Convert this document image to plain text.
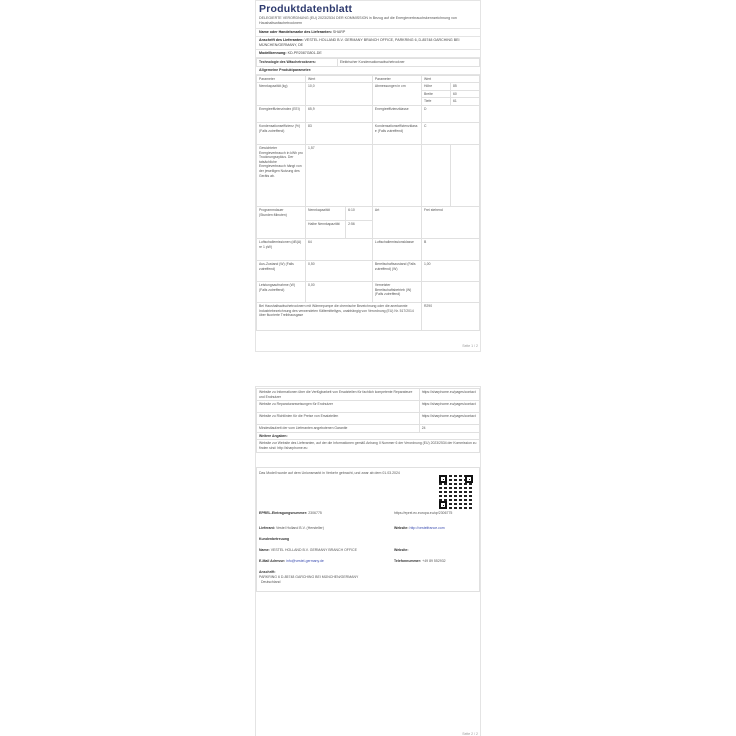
Produktdatenblatt
DELEGIERTE VERORDNUNG (EU) 2023/2534 DER KOMMISSION in Bezug auf die Energieverbrauchskennzeichnung von Haushaltswäschetrocknern
Name oder Handelsmarke des Lieferanten: SHARP
Anschrift des Lieferanten: VESTEL HOLLAND B.V. GERMANY BRANCH OFFICE, PARKRING 6, D-85748 GARCHING BEI MÜNCHEN/GERMANY, DE
Modellkennung: KD-PR2087G801-DE
Technologie des Wäschetrockners:	Elektrischer Kondensationswäschetrockner
Allgemeine Produktparameter:
Parameter	Wert		Parameter	Wert	
Nennkapazität (kg)	10,0		Abmessungen in cm	Höhe	85
				Breite	60
				Tiefe	61
Energieeffizienzindex (EEI)	65,9		Energieeffizienzklasse	D	
Kondensationseffizienz (%) (Falls zutreffend)	83		Kondensationseffizienzklasse (Falls zutreffend)	C	
Gewichteter Energieverbrauch in kWh pro Trocknungszyklus. Der tatsächliche Energieverbrauch hängt von der jeweiligen Nutzung des Geräts ab.	1,57				
Programmdauer (Stunden:Minuten)	Nennkapazität	6:10	Art	Frei stehend	
	Halbe Nennkapazität	2:56			
Luftschallemissionen (dB(A) re 1 pW)	64		Luftschallemissionsklasse	B	
Aus-Zustand (W) (Falls zutreffend)	0,50		Bereitschaftszustand (Falls zutreffend) (W)	1,00	
Leistungsaufnahme (W) (Falls zutreffend)	0,00		Vernetzter Bereitschaftsbetrieb (W) (Falls zutreffend)		
Bei Haushaltswäschetrocknern mit Wärmepumpe die chemische Bezeichnung oder die anerkannte Industriebezeichnung des verwendeten Kältemitteltyps, unabhängig von Verordnung (EU) Nr. 517/2014 über fluorierte Treibhausgase				R290	
Seite 1 / 2
Website zu Informationen über die Verfügbarkeit von Ersatzteilen für fachlich kompetente Reparateure und Endnutzer	https://sharphome.eu/pages/contact
Website zu Reparaturanweisungen für Endnutzer	https://sharphome.eu/pages/contact
Website zu Richtlinien für die Preise von Ersatzteilen	https://sharphome.eu/pages/contact
Mindestlaufzeit der vom Lieferanten angebotenen Garantie	24
Weitere Angaben:	
Website zur Website des Lieferanten, auf der die Informationen gemäß Anhang II Nummer 6 der Verordnung (EU) 2023/2534 der Kommission zu finden sind: http://sharphome.eu	
Das Modell wurde auf dem Unionsmarkt in Verkehr gebracht, und zwar ab dem 01.03.2024
EPREL-Eintragungsnummer: 2306775	https://eprel.ec.europa.eu/qr/2306775
Lieferant: Vestel Holland B.V. (Hersteller)	Website: http://vestelfrance.com
Kundenbetreuung
Name: VESTEL HOLLAND B.V. GERMANY BRANCH OFFICE	Website:
E-Mail Adresse: info@vestel-germany.de	Telefonnummer: +49 89 552932
Anschrift:
PARKRING 6 D-85748 GARCHING BEI MÜNCHEN/GERMANY
Deutschland
Seite 2 / 2
